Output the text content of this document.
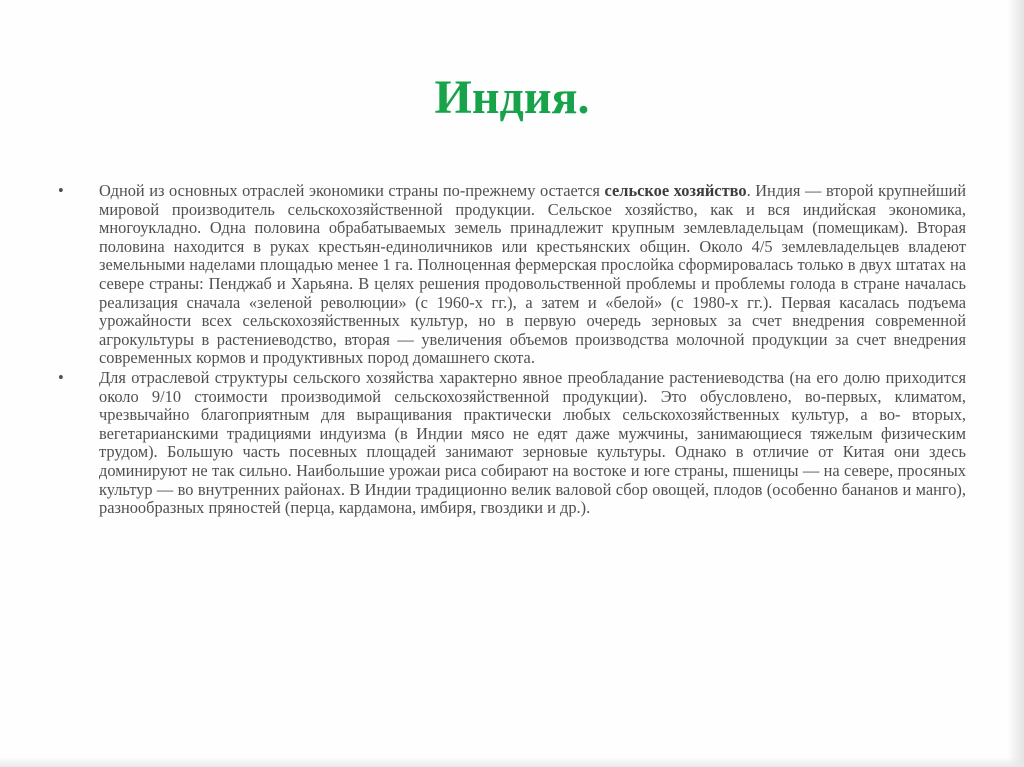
Индия.
•	Одной из основных отраслей экономики страны по-прежнему остается сельское хозяйство. Индия — второй крупнейший мировой производитель сельскохозяйственной продукции. Сельское хозяйство, как и вся индийская экономика, многоукладно. Одна половина обрабатываемых земель принадлежит крупным землевладельцам (помещикам). Вторая половина находится в руках крестьян-единоличников или крестьянских общин. Около 4/5 землевладельцев владеют земельными наделами площадью менее 1 га. Полноценная фермерская прослойка сформировалась только в двух штатах на севере страны: Пенджаб и Харьяна. В целях решения продовольственной проблемы и проблемы голода в стране началась реализация сначала «зеленой революции» (с 1960-х гг.), а затем и «белой» (с 1980-х гг.). Первая касалась подъема урожайности всех сельскохозяйственных культур, но в первую очередь зерновых за счет внедрения современной агрокультуры в растениеводство, вторая — увеличения объемов производства молочной продукции за счет внедрения современных кормов и продуктивных пород домашнего скота.
•	Для отраслевой структуры сельского хозяйства характерно явное преобладание растениеводства (на его долю приходится около 9/10 стоимости производимой сельскохозяйственной продукции). Это обусловлено, во-первых, климатом, чрезвычайно благоприятным для выращивания практически любых сельскохозяйственных культур, а во- вторых, вегетарианскими традициями индуизма (в Индии мясо не едят даже мужчины, занимающиеся тяжелым физическим трудом). Большую часть посевных площадей занимают зерновые культуры. Однако в отличие от Китая они здесь доминируют не так сильно. Наибольшие урожаи риса собирают на востоке и юге страны, пшеницы — на севере, просяных культур — во внутренних районах. В Индии традиционно велик валовой сбор овощей, плодов (особенно бананов и манго), разнообразных пряностей (перца, кардамона, имбиря, гвоздики и др.).
